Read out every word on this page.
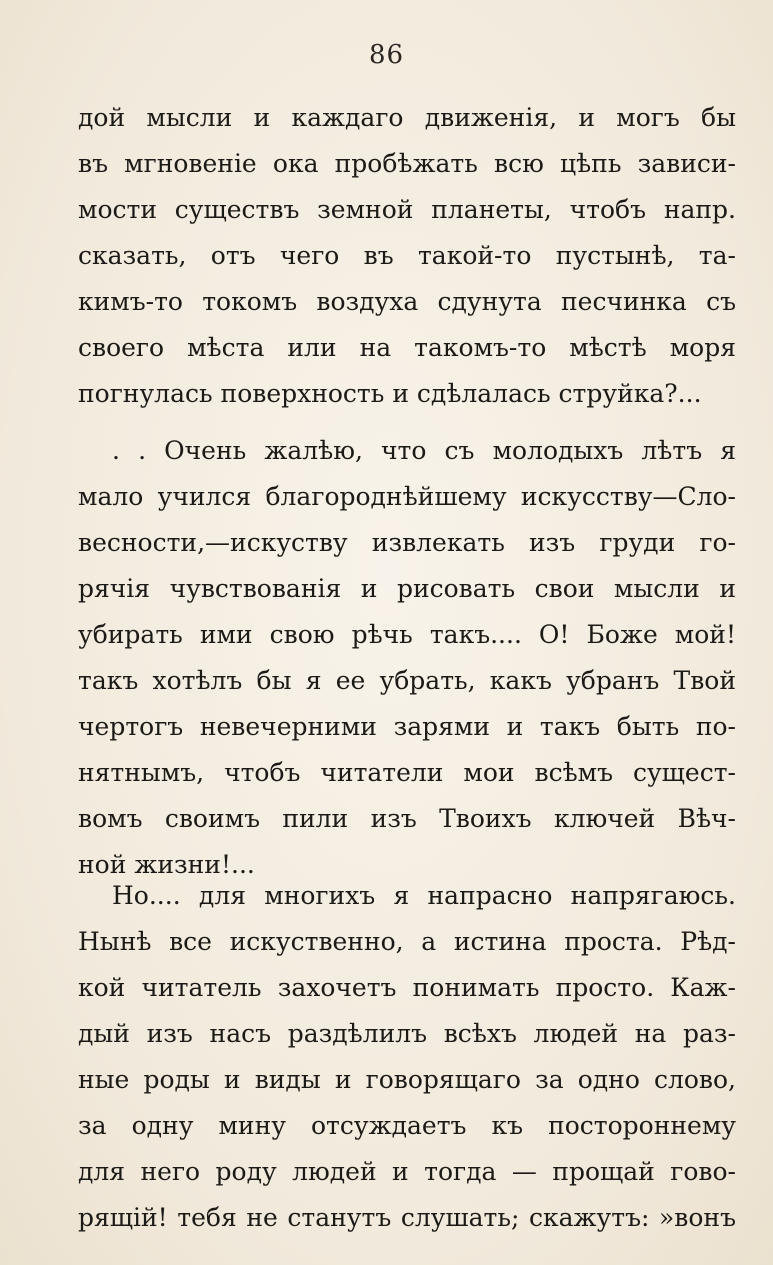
86
дой мысли и каждаго движенія, и могъ бы
въ мгновеніе ока пробѣжать всю цѣпь зависи-
мости существъ земной планеты, чтобъ напр.
сказать, отъ чего въ такой-то пустынѣ, та-
кимъ-то токомъ воздуха сдунута песчинка съ
своего мѣста или на такомъ-то мѣстѣ моря
погнулась поверхность и сдѣлалась струйка?...
. . Очень жалѣю, что съ молодыхъ лѣтъ я
мало учился благороднѣйшему искусству—Сло-
весности,—искуству извлекать изъ груди го-
рячія чувствованія и рисовать свои мысли и
убирать ими свою рѣчь такъ.... О! Боже мой!
такъ хотѣлъ бы я ее убрать, какъ убранъ Твой
чертогъ невечерними зарями и такъ быть по-
нятнымъ, чтобъ читатели мои всѣмъ сущест-
вомъ своимъ пили изъ Твоихъ ключей Вѣч-
ной жизни!...
Но.... для многихъ я напрасно напрягаюсь.
Нынѣ все искуственно, а истина проста. Рѣд-
кой читатель захочетъ понимать просто. Каж-
дый изъ насъ раздѣлилъ всѣхъ людей на раз-
ные роды и виды и говорящаго за одно слово,
за одну мину отсуждаетъ къ постороннему
для него роду людей и тогда — прощай гово-
рящій! тебя не станутъ слушать; скажутъ: »вонъ
